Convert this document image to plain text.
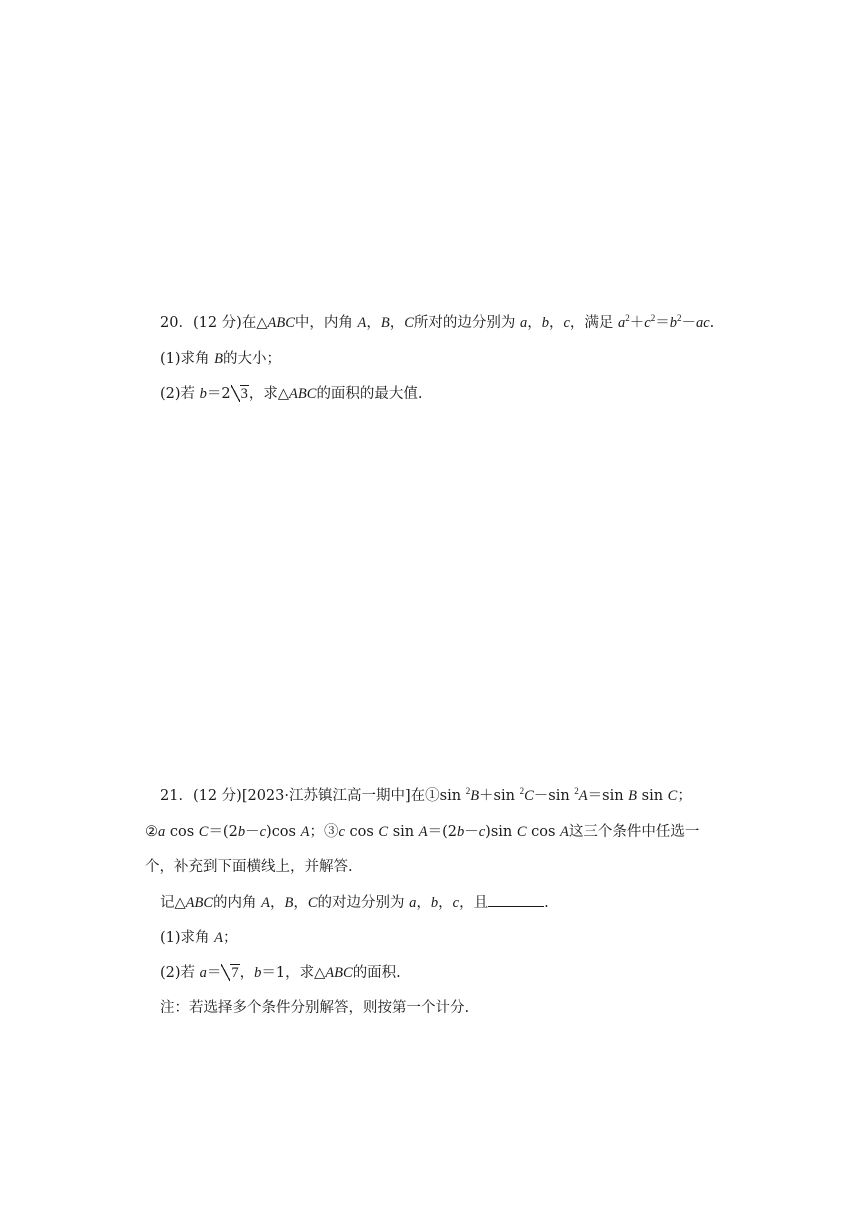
20．(12 分)在△ABC中，内角 A，B，C所对的边分别为 a，b，c，满足 $a^2+c^2=b^2-ac$.
(1)求角 B的大小；
(2)若 b＝2 3，求△ABC的面积的最大值.
21．(12 分)[2023·江苏镇江高一期中]在①sin $^2$B＋sin $^2$C－sin $^2$A＝sin B sin C；
②a cos C＝(2b－c)cos A；③c cos C sin A＝(2b－c)sin C cos A这三个条件中任选一
个，补充到下面横线上，并解答.
记△ABC的内角 A，B，C的对边分别为 a，b，c，且	.
(1)求角 A；
(2)若 a＝ 7，b＝1，求△ABC的面积.
注：若选择多个条件分别解答，则按第一个计分.
